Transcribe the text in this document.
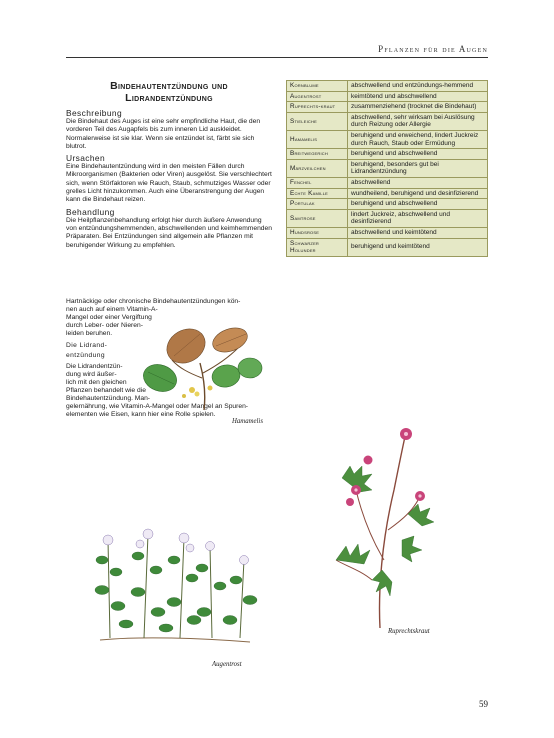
Pflanzen für die Augen
Bindehautentzündung und
Lidrandentzündung
Beschreibung

Die Bindehaut des Auges ist eine sehr empfindliche Haut, die den vorderen Teil des Augapfels bis zum inneren Lid auskleidet. Normalerweise ist sie klar. Wenn sie entzündet ist, färbt sie sich blutrot.

Ursachen

Eine Bindehautentzündung wird in den meisten Fällen durch Mikroorganismen (Bakterien oder Viren) ausgelöst. Sie verschlechtert sich, wenn Störfaktoren wie Rauch, Staub, schmutziges Wasser oder grelles Licht hinzukommen. Auch eine Überanstrengung der Augen kann die Bindehaut reizen.

Behandlung

Die Heilpflanzenbehandlung erfolgt hier durch äußere Anwendung von entzündungshemmenden, abschwellenden und keimhemmenden Präparaten. Bei Entzündungen sind allgemein alle Pflanzen mit beruhigender Wirkung zu empfehlen.

Hartnäckige oder chronische Bindehautentzündungen kön-
nen auch auf einem Vitamin-A-
Mangel oder einer Vergiftung
durch Leber- oder Nieren-
leiden beruhen.
Die Lidrand-
entzündung
Die Lidrandentzün-
dung wird äußer-
lich mit den gleichen
Pflanzen behandelt wie die
Bindehautentzündung. Man-
gelernährung, wie Vitamin-A-Mangel oder Mangel an Spuren-
elementen wie Eisen, kann hier eine Rolle spielen.
Kornblume	abschwellend und entzündungs-hemmend
Augentrost	keimtötend und abschwellend
Ruprechts-kraut	zusammenziehend (trocknet die Bindehaut)
Stieleiche	abschwellend, sehr wirksam bei Auslösung durch Reizung oder Allergie
Hamamelis	beruhigend und erweichend, lindert Juckreiz durch Rauch, Staub oder Ermüdung
Breitwegerich	beruhigend und abschwellend
Märzveilchen	beruhigend, besonders gut bei Lidrandentzündung
Fenchel	abschwellend
Echte Kamille	wundheilend, beruhigend und desinfizierend
Portulak	beruhigend und abschwellend
Samtrose	lindert Juckreiz, abschwellend und desinfizierend
Hundsrose	abschwellend und keimtötend
Schwarzer Holunder	beruhigend und keimtötend
Hamamelis
Ruprechtskraut
Augentrost
59
